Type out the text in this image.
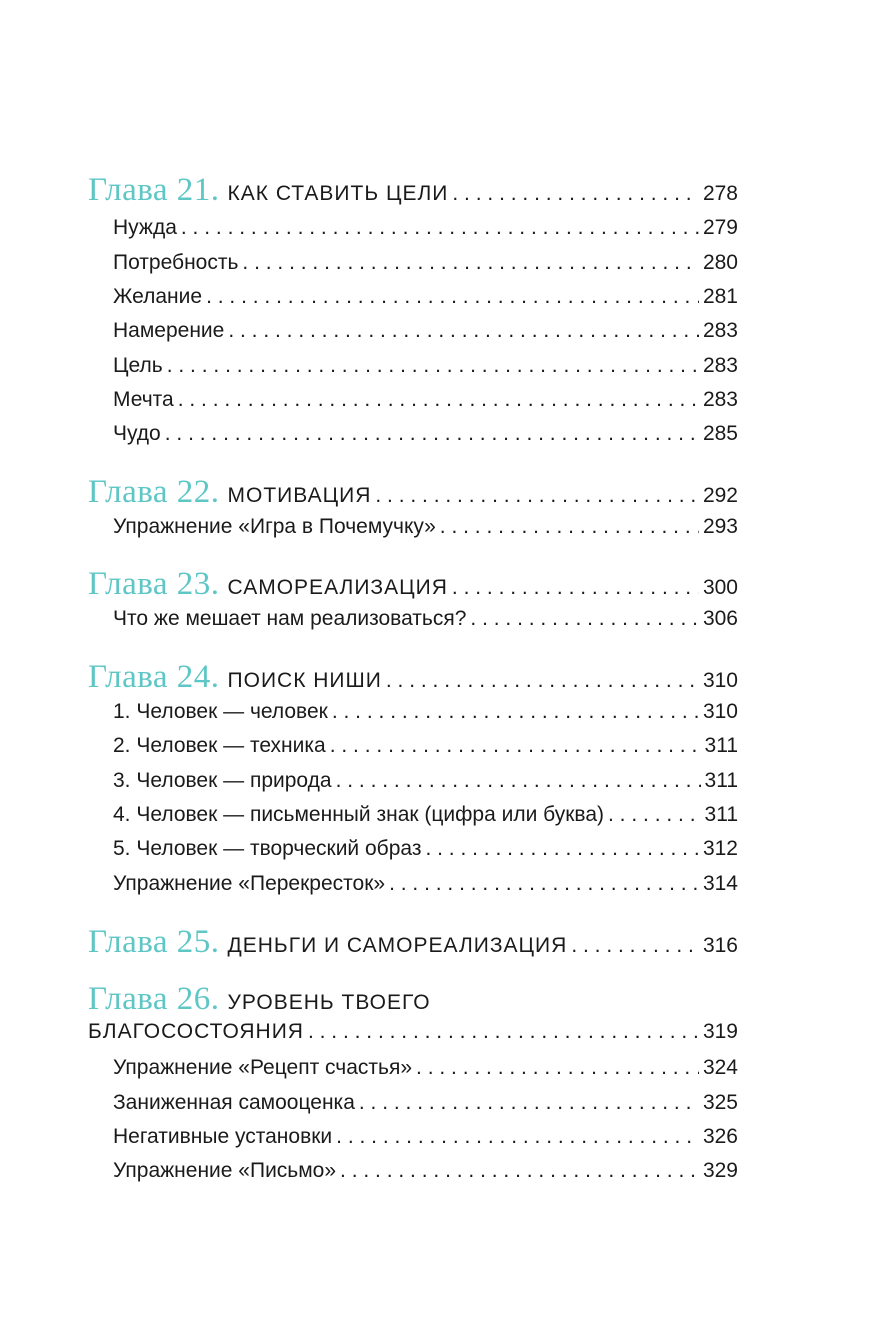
Глава 21. КАК СТАВИТЬ ЦЕЛИ . . .	278
Нужда . . .	279
Потребность . . .	280
Желание . . .	281
Намерение . . .	283
Цель . . .	283
Мечта . . .	283
Чудо . . .	285
Глава 22. МОТИВАЦИЯ . . .	292
Упражнение «Игра в Почемучку» . . .	293
Глава 23. САМОРЕАЛИЗАЦИЯ . . .	300
Что же мешает нам реализоваться? . . .	306
Глава 24. ПОИСК НИШИ . . .	310
1. Человек — человек . . .	310
2. Человек — техника . . .	311
3. Человек — природа . . .	311
4. Человек — письменный знак (цифра или буква) . . .	311
5. Человек — творческий образ . . .	312
Упражнение «Перекресток» . . .	314
Глава 25. ДЕНЬГИ И САМОРЕАЛИЗАЦИЯ . . .	316
Глава 26. УРОВЕНЬ ТВОЕГО
БЛАГОСОСТОЯНИЯ . . .	319
Упражнение «Рецепт счастья» . . .	324
Заниженная самооценка . . .	325
Негативные установки . . .	326
Упражнение «Письмо» . . .	329
